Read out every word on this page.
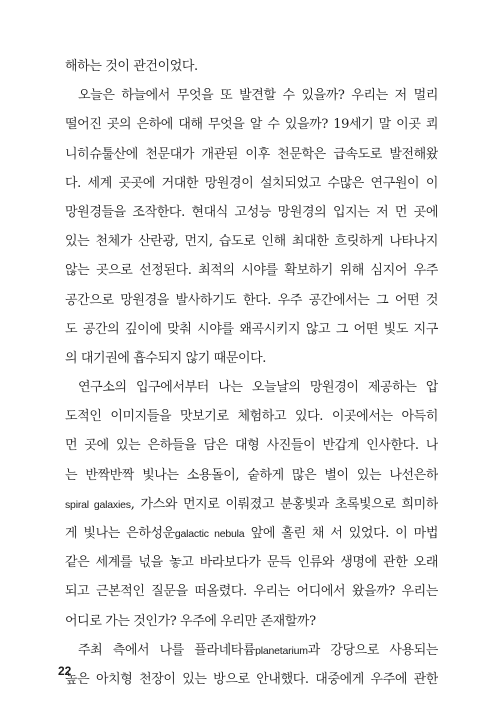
해하는 것이 관건이었다.
오늘은 하늘에서 무엇을 또 발견할 수 있을까? 우리는 저 멀리
떨어진 곳의 은하에 대해 무엇을 알 수 있을까? 19세기 말 이곳 쾨
니히슈툴산에 천문대가 개관된 이후 천문학은 급속도로 발전해왔
다. 세계 곳곳에 거대한 망원경이 설치되었고 수많은 연구원이 이
망원경들을 조작한다. 현대식 고성능 망원경의 입지는 저 먼 곳에
있는 천체가 산란광, 먼지, 습도로 인해 최대한 흐릿하게 나타나지
않는 곳으로 선정된다. 최적의 시야를 확보하기 위해 심지어 우주
공간으로 망원경을 발사하기도 한다. 우주 공간에서는 그 어떤 것
도 공간의 깊이에 맞춰 시야를 왜곡시키지 않고 그 어떤 빛도 지구
의 대기권에 흡수되지 않기 때문이다.
연구소의 입구에서부터 나는 오늘날의 망원경이 제공하는 압
도적인 이미지들을 맛보기로 체험하고 있다. 이곳에서는 아득히
먼 곳에 있는 은하들을 담은 대형 사진들이 반갑게 인사한다. 나
는 반짝반짝 빛나는 소용돌이, 숱하게 많은 별이 있는 나선은하
spiral galaxies, 가스와 먼지로 이뤄졌고 분홍빛과 초록빛으로 희미하
게 빛나는 은하성운galactic nebula 앞에 홀린 채 서 있었다. 이 마법
같은 세계를 넋을 놓고 바라보다가 문득 인류와 생명에 관한 오래
되고 근본적인 질문을 떠올렸다. 우리는 어디에서 왔을까? 우리는
어디로 가는 것인가? 우주에 우리만 존재할까?
주최 측에서 나를 플라네타륨planetarium과 강당으로 사용되는
높은 아치형 천장이 있는 방으로 안내했다. 대중에게 우주에 관한
22
